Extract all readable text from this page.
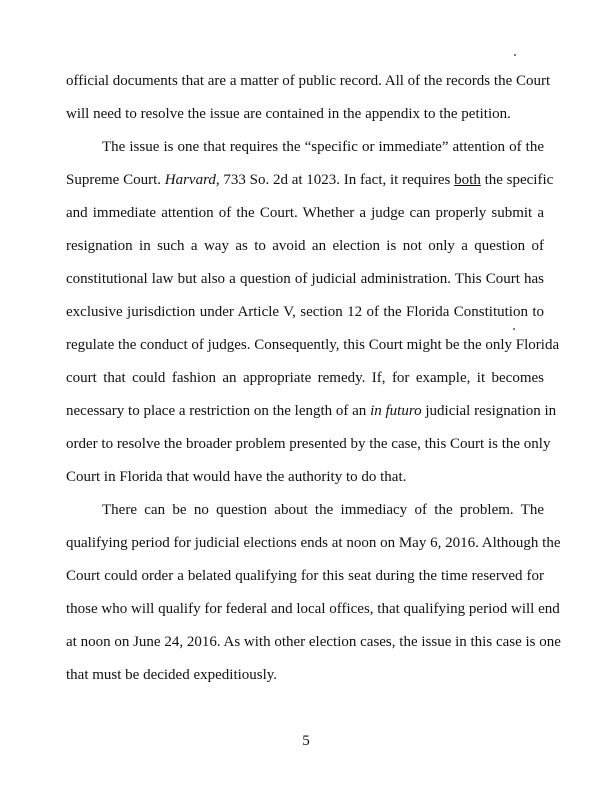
official documents that are a matter of public record. All of the records the Court
will need to resolve the issue are contained in the appendix to the petition.
The issue is one that requires the “specific or immediate” attention of the
Supreme Court. Harvard, 733 So. 2d at 1023. In fact, it requires both the specific
and immediate attention of the Court. Whether a judge can properly submit a
resignation in such a way as to avoid an election is not only a question of
constitutional law but also a question of judicial administration. This Court has
exclusive jurisdiction under Article V, section 12 of the Florida Constitution to
regulate the conduct of judges. Consequently, this Court might be the only Florida
court that could fashion an appropriate remedy. If, for example, it becomes
necessary to place a restriction on the length of an in futuro judicial resignation in
order to resolve the broader problem presented by the case, this Court is the only
Court in Florida that would have the authority to do that.
There can be no question about the immediacy of the problem. The
qualifying period for judicial elections ends at noon on May 6, 2016. Although the
Court could order a belated qualifying for this seat during the time reserved for
those who will qualify for federal and local offices, that qualifying period will end
at noon on June 24, 2016. As with other election cases, the issue in this case is one
that must be decided expeditiously.
5
